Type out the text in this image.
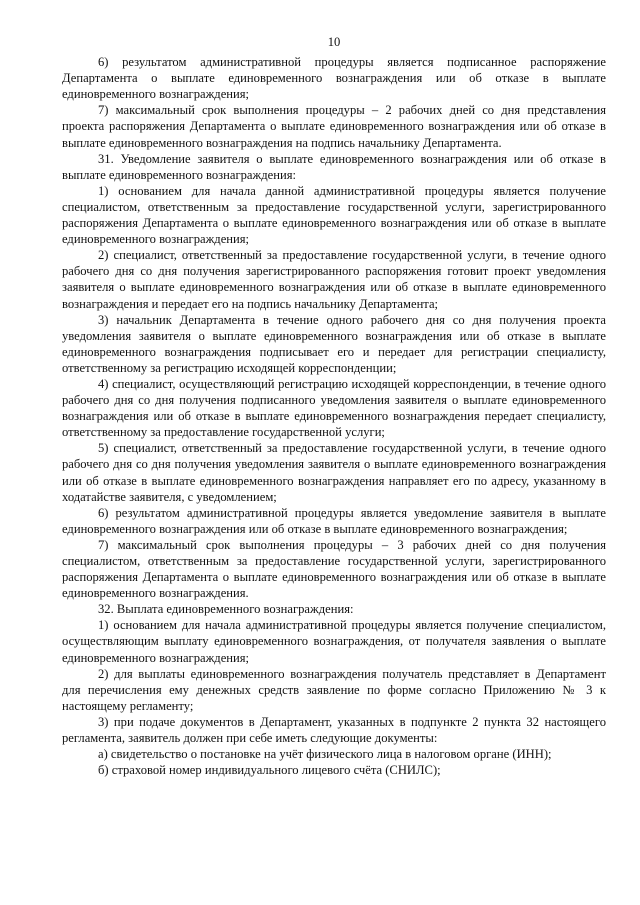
10

6) результатом административной процедуры является подписанное распоряжение Департамента о выплате единовременного вознаграждения или об отказе в выплате единовременного вознаграждения;

7) максимальный срок выполнения процедуры – 2 рабочих дней со дня представления проекта распоряжения Департамента о выплате единовременного вознаграждения или об отказе в выплате единовременного вознаграждения на подпись начальнику Департамента.

31. Уведомление заявителя о выплате единовременного вознаграждения или об отказе в выплате единовременного вознаграждения:

1) основанием для начала данной административной процедуры является получение специалистом, ответственным за предоставление государственной услуги, зарегистрированного распоряжения Департамента о выплате единовременного вознаграждения или об отказе в выплате единовременного вознаграждения;

2) специалист, ответственный за предоставление государственной услуги, в течение одного рабочего дня со дня получения зарегистрированного распоряжения готовит проект уведомления заявителя о выплате единовременного вознаграждения или об отказе в выплате единовременного вознаграждения и передает его на подпись начальнику Департамента;

3) начальник Департамента в течение одного рабочего дня со дня получения проекта уведомления заявителя о выплате единовременного вознаграждения или об отказе в выплате единовременного вознаграждения подписывает его и передает для регистрации специалисту, ответственному за регистрацию исходящей корреспонденции;

4) специалист, осуществляющий регистрацию исходящей корреспонденции, в течение одного рабочего дня со дня получения подписанного уведомления заявителя о выплате единовременного вознаграждения или об отказе в выплате единовременного вознаграждения передает специалисту, ответственному за предоставление государственной услуги;

5) специалист, ответственный за предоставление государственной услуги, в течение одного рабочего дня со дня получения уведомления заявителя о выплате единовременного вознаграждения или об отказе в выплате единовременного вознаграждения направляет его по адресу, указанному в ходатайстве заявителя, с уведомлением;

6) результатом административной процедуры является уведомление заявителя в выплате единовременного вознаграждения или об отказе в выплате единовременного вознаграждения;

7) максимальный срок выполнения процедуры – 3 рабочих дней со дня получения специалистом, ответственным за предоставление государственной услуги, зарегистрированного распоряжения Департамента о выплате единовременного вознаграждения или об отказе в выплате единовременного вознаграждения.

32. Выплата единовременного вознаграждения:

1) основанием для начала административной процедуры является получение специалистом, осуществляющим выплату единовременного вознаграждения, от получателя заявления о выплате единовременного вознаграждения;

2) для выплаты единовременного вознаграждения получатель представляет в Департамент для перечисления ему денежных средств заявление по форме согласно Приложению № 3 к настоящему регламенту;

3) при подаче документов в Департамент, указанных в подпункте 2 пункта 32 настоящего регламента, заявитель должен при себе иметь следующие документы:

а) свидетельство о постановке на учёт физического лица в налоговом органе (ИНН);

б) страховой номер индивидуального лицевого счёта (СНИЛС);
